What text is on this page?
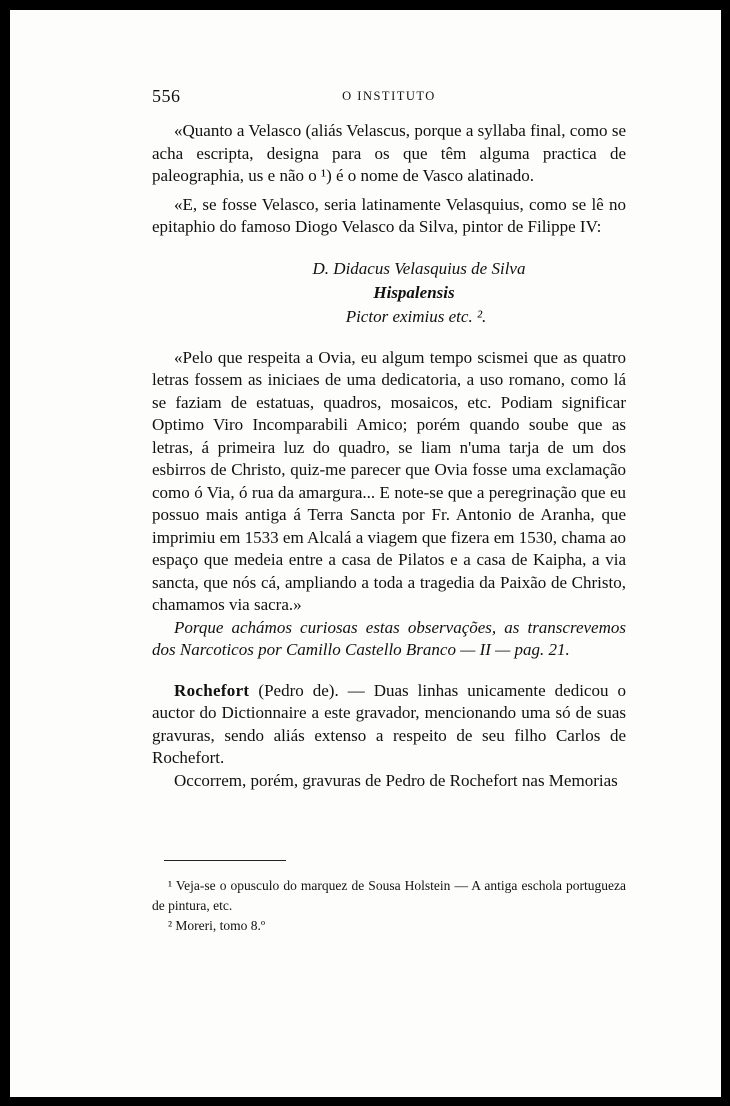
556	O INSTITUTO

«Quanto a Velasco (aliás Velascus, porque a syllaba final, como se acha escripta, designa para os que têm alguma practica de paleographia, us e não o ¹) é o nome de Vasco alatinado.

«E, se fosse Velasco, seria latinamente Velasquius, como se lê no epitaphio do famoso Diogo Velasco da Silva, pintor de Filippe IV:

D. Didacus Velasquius de Silva
Hispalensis
Pictor eximius etc. ².

«Pelo que respeita a Ovia, eu algum tempo scismei que as quatro letras fossem as iniciaes de uma dedicatoria, a uso romano, como lá se faziam de estatuas, quadros, mosaicos, etc. Podiam significar Optimo Viro Incomparabili Amico; porém quando soube que as letras, á primeira luz do quadro, se liam n'uma tarja de um dos esbirros de Christo, quiz-me parecer que Ovia fosse uma exclamação como ó Via, ó rua da amargura... E note-se que a peregrinação que eu possuo mais antiga á Terra Sancta por Fr. Antonio de Aranha, que imprimiu em 1533 em Alcalá a viagem que fizera em 1530, chama ao espaço que medeia entre a casa de Pilatos e a casa de Kaipha, a via sancta, que nós cá, ampliando a toda a tragedia da Paixão de Christo, chamamos via sacra.»

Porque achámos curiosas estas observações, as transcrevemos dos Narcoticos por Camillo Castello Branco — II — pag. 21.

Rochefort (Pedro de). — Duas linhas unicamente dedicou o auctor do Dictionnaire a este gravador, mencionando uma só de suas gravuras, sendo aliás extenso a respeito de seu filho Carlos de Rochefort.

Occorrem, porém, gravuras de Pedro de Rochefort nas Memorias

¹ Veja-se o opusculo do marquez de Sousa Holstein — A antiga eschola portugueza de pintura, etc.

² Moreri, tomo 8.º
